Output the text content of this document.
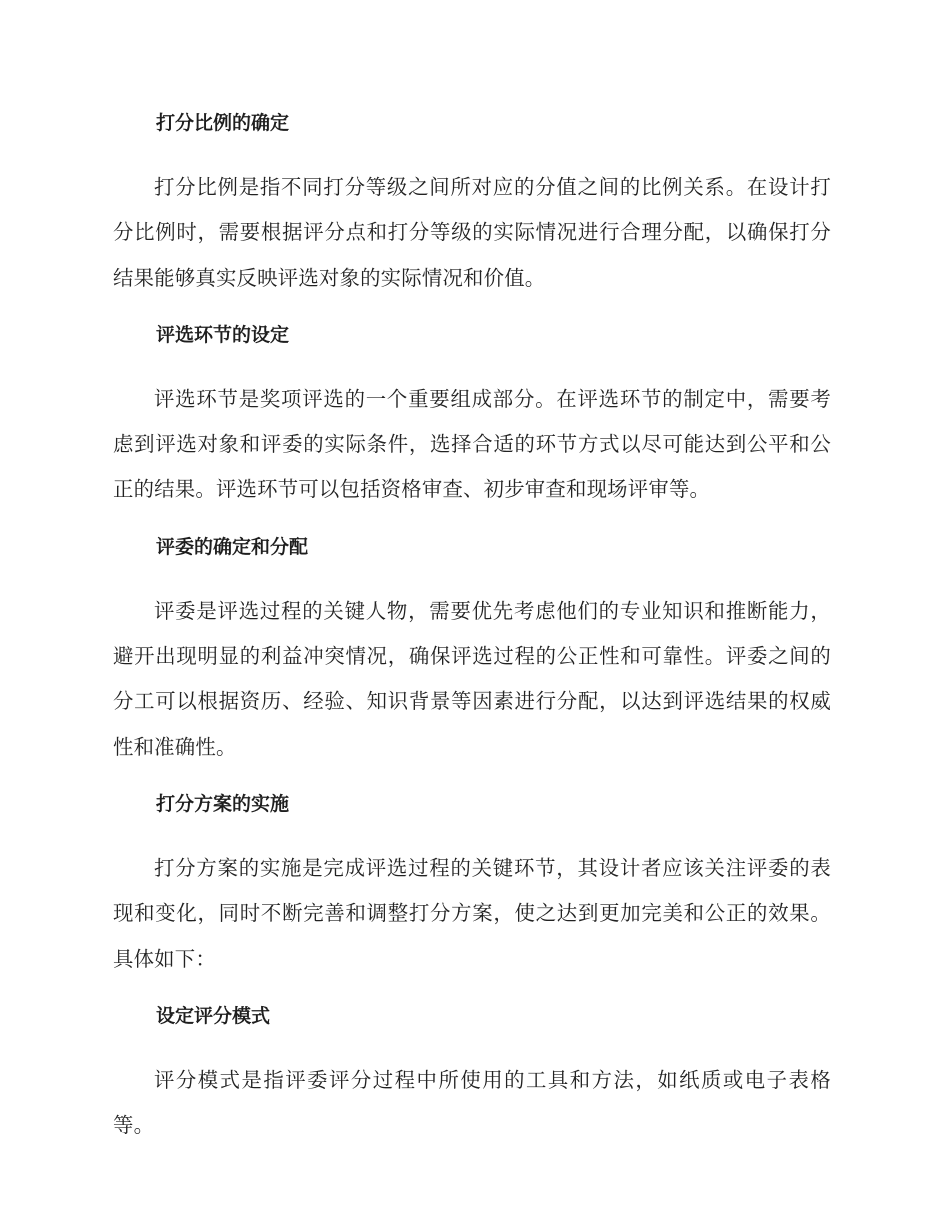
打分比例的确定

打分比例是指不同打分等级之间所对应的分值之间的比例关系。在设计打分比例时，需要根据评分点和打分等级的实际情况进行合理分配，以确保打分结果能够真实反映评选对象的实际情况和价值。

评选环节的设定

评选环节是奖项评选的一个重要组成部分。在评选环节的制定中，需要考虑到评选对象和评委的实际条件，选择合适的环节方式以尽可能达到公平和公正的结果。评选环节可以包括资格审查、初步审查和现场评审等。

评委的确定和分配

评委是评选过程的关键人物，需要优先考虑他们的专业知识和推断能力，避开出现明显的利益冲突情况，确保评选过程的公正性和可靠性。评委之间的分工可以根据资历、经验、知识背景等因素进行分配，以达到评选结果的权威性和准确性。

打分方案的实施

打分方案的实施是完成评选过程的关键环节，其设计者应该关注评委的表现和变化，同时不断完善和调整打分方案，使之达到更加完美和公正的效果。具体如下：

设定评分模式

评分模式是指评委评分过程中所使用的工具和方法，如纸质或电子表格等。
